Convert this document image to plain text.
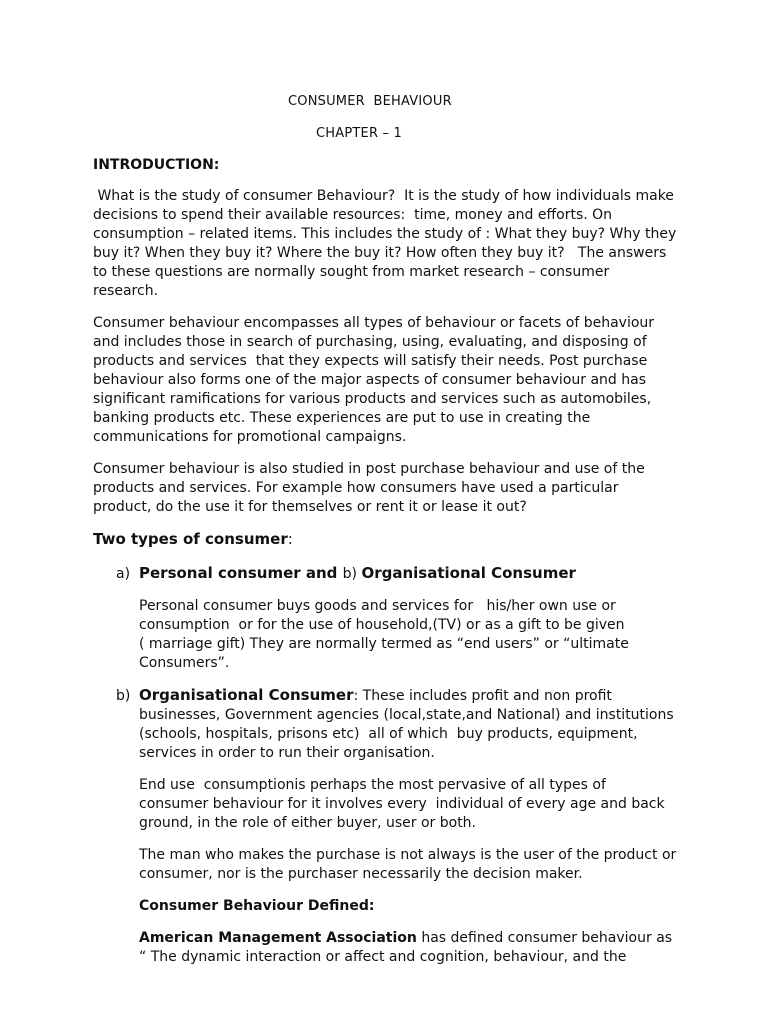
CONSUMER  BEHAVIOUR
CHAPTER – 1
INTRODUCTION:
What is the study of consumer Behaviour?  It is the study of how individuals make
decisions to spend their available resources:  time, money and efforts. On
consumption – related items. This includes the study of : What they buy? Why they
buy it? When they buy it? Where the buy it? How often they buy it?   The answers
to these questions are normally sought from market research – consumer
research.
Consumer behaviour encompasses all types of behaviour or facets of behaviour
and includes those in search of purchasing, using, evaluating, and disposing of
products and services  that they expects will satisfy their needs. Post purchase
behaviour also forms one of the major aspects of consumer behaviour and has
significant ramifications for various products and services such as automobiles,
banking products etc. These experiences are put to use in creating the
communications for promotional campaigns.
Consumer behaviour is also studied in post purchase behaviour and use of the
products and services. For example how consumers have used a particular
product, do the use it for themselves or rent it or lease it out?
Two types of consumer:
a) Personal consumer and b) Organisational Consumer
Personal consumer buys goods and services for   his/her own use or
consumption  or for the use of household,(TV) or as a gift to be given
( marriage gift) They are normally termed as “end users” or “ultimate
Consumers”.
b) Organisational Consumer: These includes profit and non profit
businesses, Government agencies (local,state,and National) and institutions
(schools, hospitals, prisons etc)  all of which  buy products, equipment,
services in order to run their organisation.
End use  consumptionis perhaps the most pervasive of all types of
consumer behaviour for it involves every  individual of every age and back
ground, in the role of either buyer, user or both.
The man who makes the purchase is not always is the user of the product or
consumer, nor is the purchaser necessarily the decision maker.
Consumer Behaviour Defined:
American Management Association has defined consumer behaviour as
“ The dynamic interaction or affect and cognition, behaviour, and the
